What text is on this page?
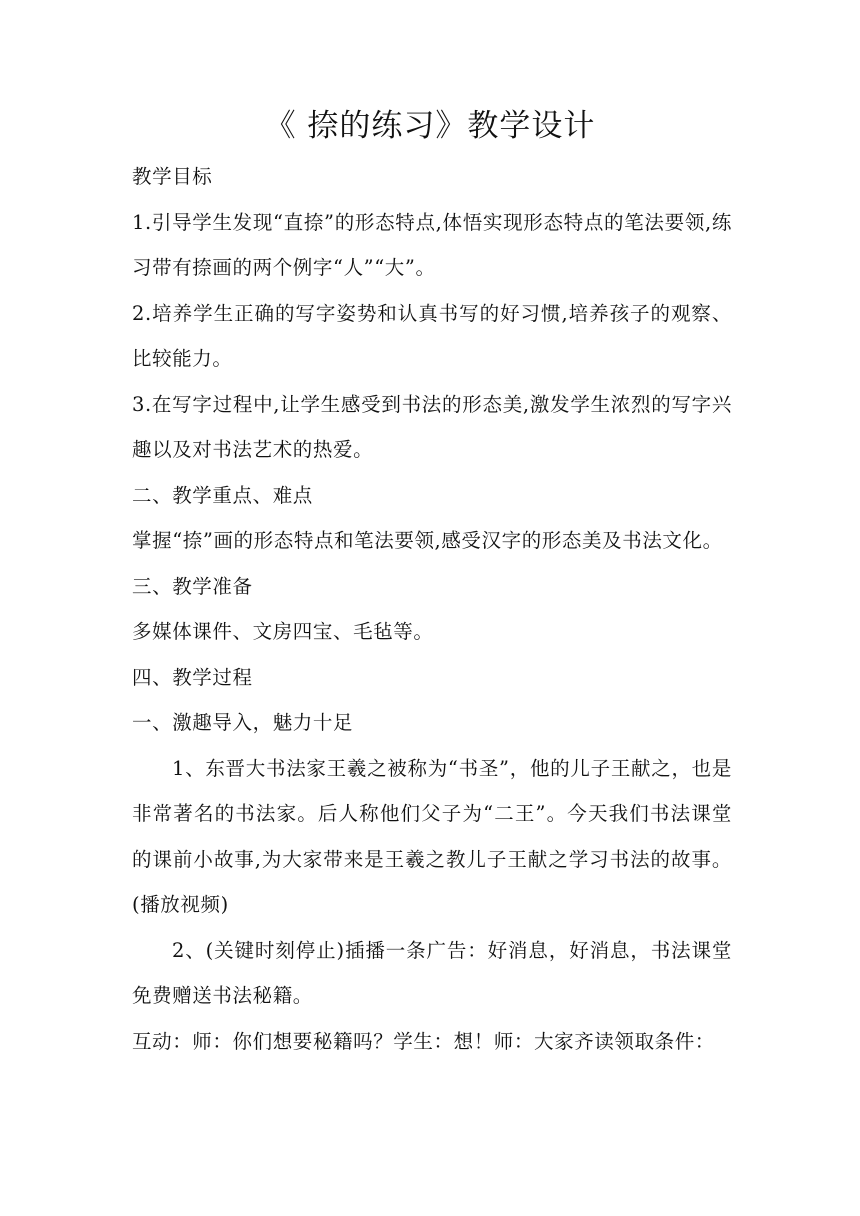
《 捺的练习》教学设计

教学目标

1.引导学生发现“直捺”的形态特点,体悟实现形态特点的笔法要领,练习带有捺画的两个例字“人”“大”。

2.培养学生正确的写字姿势和认真书写的好习惯,培养孩子的观察、比较能力。

3.在写字过程中,让学生感受到书法的形态美,激发学生浓烈的写字兴趣以及对书法艺术的热爱。

二、教学重点、难点

掌握“捺”画的形态特点和笔法要领,感受汉字的形态美及书法文化。

三、教学准备

多媒体课件、文房四宝、毛毡等。

四、教学过程

一、激趣导入，魅力十足

1、东晋大书法家王羲之被称为“书圣”，他的儿子王献之，也是非常著名的书法家。后人称他们父子为“二王”。今天我们书法课堂的课前小故事,为大家带来是王羲之教儿子王献之学习书法的故事。(播放视频)

2、(关键时刻停止)插播一条广告：好消息，好消息，书法课堂免费赠送书法秘籍。

互动：师：你们想要秘籍吗？学生：想！师：大家齐读领取条件：
